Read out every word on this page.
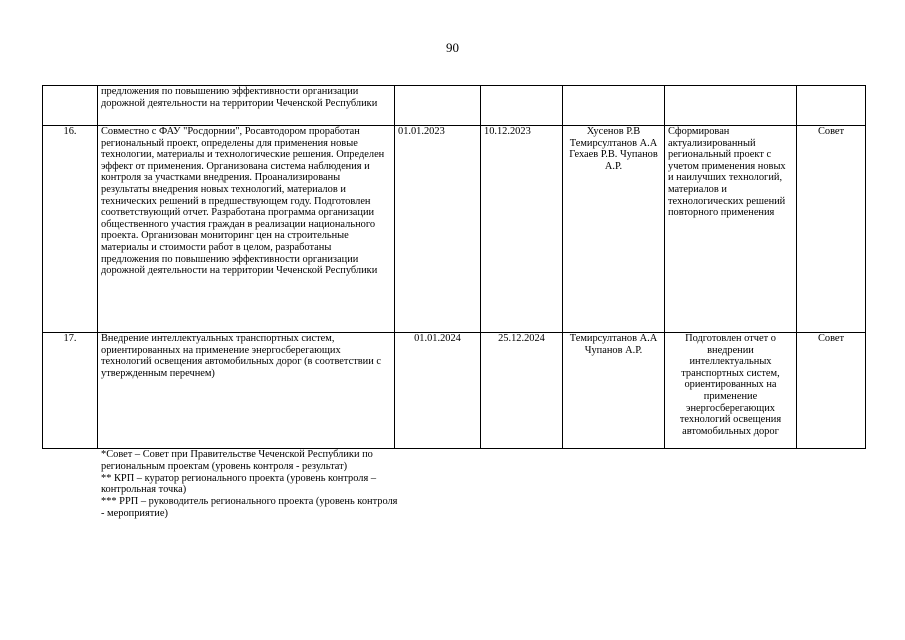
90
	предложения по повышению эффективности организации дорожной деятельности на территории Чеченской Республики					
16.	Совместно с ФАУ "Росдорнии", Росавтодором проработан региональный проект, определены для применения новые технологии, материалы и технологические решения. Определен эффект от применения. Организована система наблюдения и контроля за участками внедрения. Проанализированы результаты внедрения новых технологий, материалов и технических решений в предшествующем году. Подготовлен соответствующий отчет. Разработана программа организации общественного участия граждан в реализации национального проекта. Организован мониторинг цен на строительные материалы и стоимости работ в целом, разработаны предложения по повышению эффективности организации дорожной деятельности на территории Чеченской Республики	01.01.2023	10.12.2023	Хусенов Р.В Темирсултанов А.А Гехаев Р.В. Чупанов А.Р.	Сформирован актуализированный региональный проект с учетом применения новых и наилучших технологий, материалов и технологических решений повторного применения	Совет
17.	Внедрение интеллектуальных транспортных систем, ориентированных на применение энергосберегающих технологий освещения автомобильных дорог (в соответствии с утвержденным перечнем)	01.01.2024	25.12.2024	Темирсултанов А.А Чупанов А.Р.	Подготовлен отчет о внедрении интеллектуальных транспортных систем, ориентированных на применение энергосберегающих технологий освещения автомобильных дорог	Совет
*Совет – Совет при Правительстве Чеченской Республики по региональным проектам (уровень контроля - результат)
** КРП – куратор регионального проекта (уровень контроля – контрольная точка)
*** РРП – руководитель регионального проекта (уровень контроля - мероприятие)
